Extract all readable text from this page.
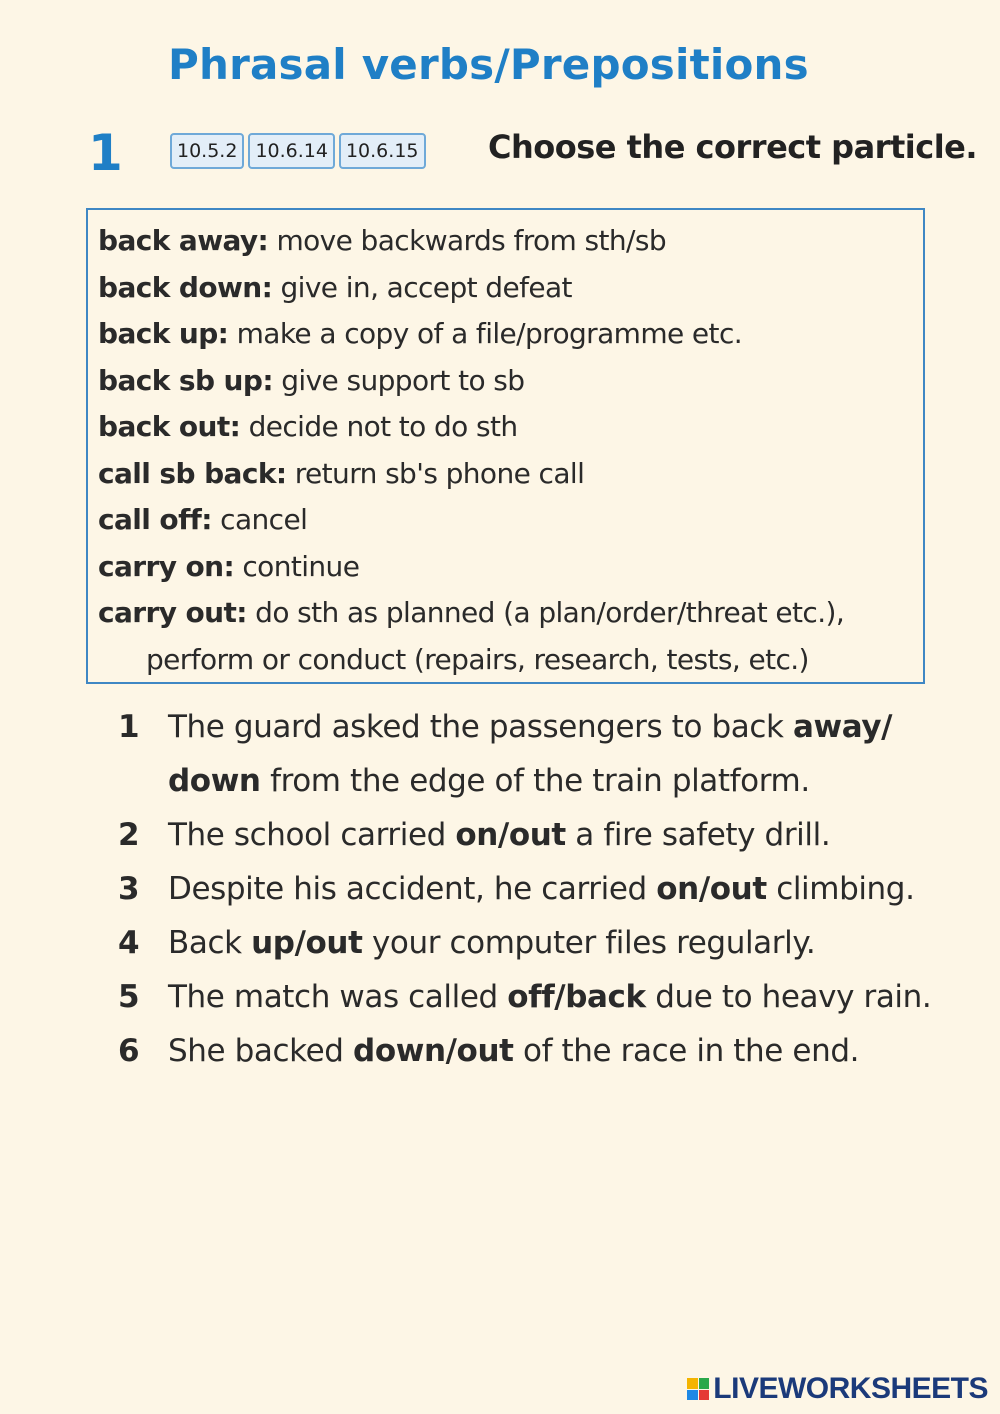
Phrasal verbs/Prepositions
1	10.5.2 10.6.14 10.6.15 Choose the correct particle.
back away: move backwards from sth/sb
back down: give in, accept defeat
back up: make a copy of a file/programme etc.
back sb up: give support to sb
back out: decide not to do sth
call sb back: return sb's phone call
call off: cancel
carry on: continue
carry out: do sth as planned (a plan/order/threat etc.),
perform or conduct (repairs, research, tests, etc.)
1 The guard asked the passengers to back away/
down from the edge of the train platform.
2 The school carried on/out a fire safety drill.
3 Despite his accident, he carried on/out climbing.
4 Back up/out your computer files regularly.
5 The match was called off/back due to heavy rain.
6 She backed down/out of the race in the end.
LIVEWORKSHEETS
